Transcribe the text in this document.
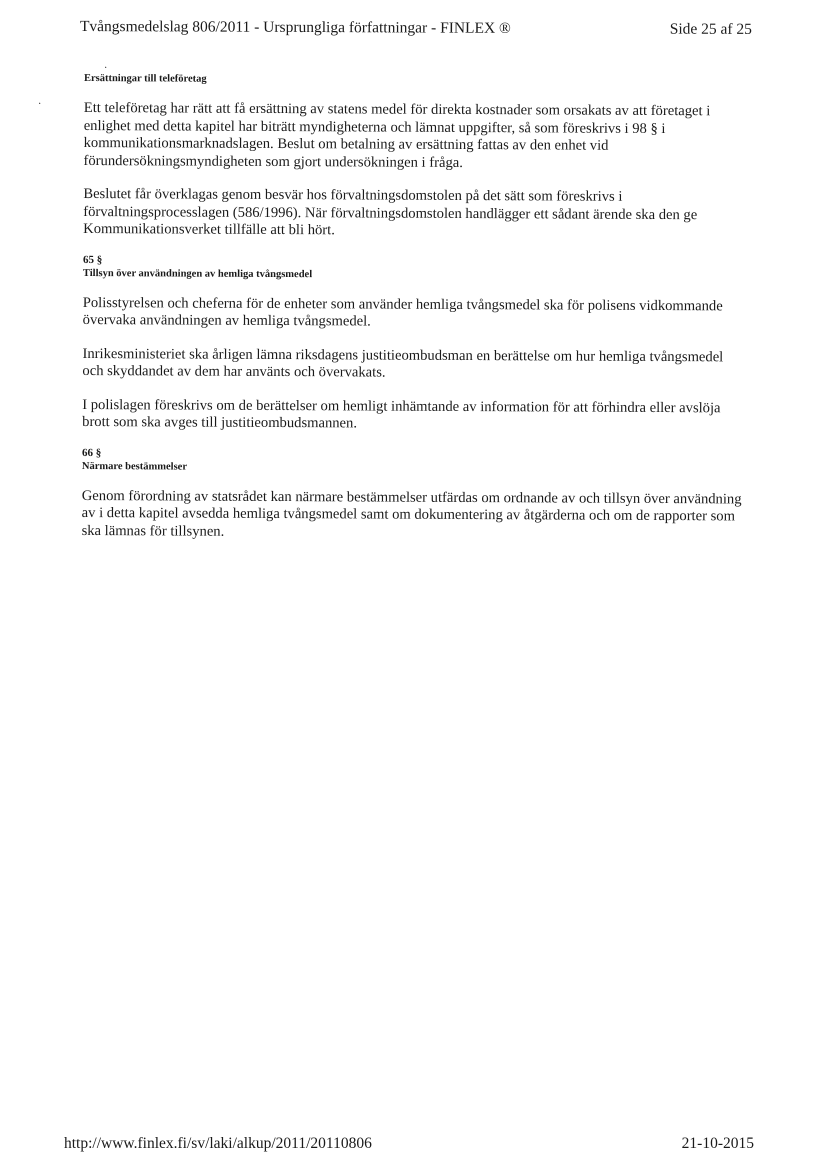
Tvångsmedelslag 806/2011 - Ursprungliga författningar - FINLEX ®	Side 25 af 25
․
․

Ersättningar till teleföretag

Ett teleföretag har rätt att få ersättning av statens medel för direkta kostnader som orsakats av att företaget i enlighet med detta kapitel har biträtt myndigheterna och lämnat uppgifter, så som föreskrivs i 98 § i kommunikationsmarknadslagen. Beslut om betalning av ersättning fattas av den enhet vid förundersökningsmyndigheten som gjort undersökningen i fråga.

Beslutet får överklagas genom besvär hos förvaltningsdomstolen på det sätt som föreskrivs i förvaltningsprocesslagen (586/1996). När förvaltningsdomstolen handlägger ett sådant ärende ska den ge Kommunikationsverket tillfälle att bli hört.

65 §

Tillsyn över användningen av hemliga tvångsmedel

Polisstyrelsen och cheferna för de enheter som använder hemliga tvångsmedel ska för polisens vidkommande övervaka användningen av hemliga tvångsmedel.

Inrikesministeriet ska årligen lämna riksdagens justitieombudsman en berättelse om hur hemliga tvångsmedel och skyddandet av dem har använts och övervakats.

I polislagen föreskrivs om de berättelser om hemligt inhämtande av information för att förhindra eller avslöja brott som ska avges till justitieombudsmannen.

66 §

Närmare bestämmelser

Genom förordning av statsrådet kan närmare bestämmelser utfärdas om ordnande av och tillsyn över användning av i detta kapitel avsedda hemliga tvångsmedel samt om dokumentering av åtgärderna och om de rapporter som ska lämnas för tillsynen.

http://www.finlex.fi/sv/laki/alkup/2011/20110806	21-10-2015
